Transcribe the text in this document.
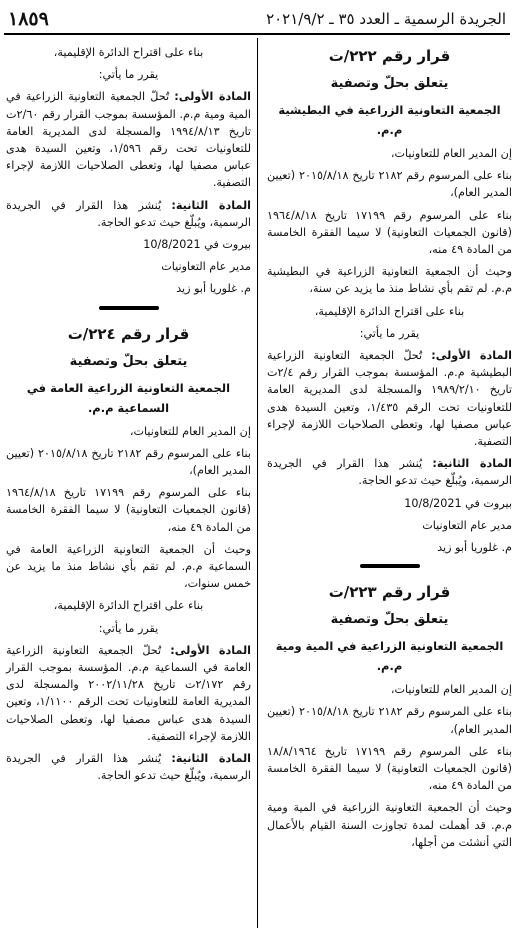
١٨٥٩	الجريدة الرسمية ـ العدد ٣٥ ـ ٢٠٢١/٩/٢

قرار رقم ٢٢٢/ت

يتعلق بحلّ وتصفية

الجمعية التعاونية الزراعية في البطيشية م.م.

إن المدير العام للتعاونيات،

بناء على المرسوم رقم ٢١٨٢ تاريخ ٢٠١٥/٨/١٨ (تعيين المدير العام)،

بناء على المرسوم رقم ١٧١٩٩ تاريخ ١٩٦٤/٨/١٨ (قانون الجمعيات التعاونية) لا سيما الفقرة الخامسة من المادة ٤٩ منه،

وحيث أن الجمعية التعاونية الزراعية في البطيشية م.م. لم تقم بأي نشاط منذ ما يزيد عن سنة،

بناء على اقتراح الدائرة الإقليمية،

يقرر ما يأتي:

المادة الأولى: تُحلّ الجمعية التعاونية الزراعية البطيشية م.م. المؤسسة بموجب القرار رقم ٢/٤ت تاريخ ١٩٨٩/٢/١٠ والمسجلة لدى المديرية العامة للتعاونيات تحت الرقم ١/٤٣٥، وتعين السيدة هدى عباس مصفيا لها، وتعطى الصلاحيات اللازمة لإجراء التصفية.

المادة الثانية: يُنشر هذا القرار في الجريدة الرسمية، ويُبلّغ حيث تدعو الحاجة.

بيروت في 10/8/2021

مدير عام التعاونيات

م. غلوريا أبو زيد

قرار رقم ٢٢٣/ت

يتعلق بحلّ وتصفية

الجمعية التعاونية الزراعية في المية ومية م.م.

إن المدير العام للتعاونيات،

بناء على المرسوم رقم ٢١٨٢ تاريخ ٢٠١٥/٨/١٨ (تعيين المدير العام)،

بناء على المرسوم رقم ١٧١٩٩ تاريخ ١٨/٨/١٩٦٤ (قانون الجمعيات التعاونية) لا سيما الفقرة الخامسة من المادة ٤٩ منه،

وحيث أن الجمعية التعاونية الزراعية في المية ومية م.م. قد أهملت لمدة تجاوزت السنة القيام بالأعمال التي أنشئت من أجلها،

بناء على اقتراح الدائرة الإقليمية،

يقرر ما يأتي:

المادة الأولى: تُحلّ الجمعية التعاونية الزراعية في المية ومية م.م. المؤسسة بموجب القرار رقم ٢/٦٠ت تاريخ ١٩٩٤/٨/١٣ والمسجلة لدى المديرية العامة للتعاونيات تحت رقم ١/٥٩٦، وتعين السيدة هدى عباس مصفيا لها، وتعطى الصلاحيات اللازمة لإجراء التصفية.

المادة الثانية: يُنشر هذا القرار في الجريدة الرسمية، ويُبلّغ حيث تدعو الحاجة.

بيروت في 10/8/2021

مدير عام التعاونيات

م. غلوريا أبو زيد

قرار رقم ٢٢٤/ت

يتعلق بحلّ وتصفية

الجمعية التعاونية الزراعية العامة في السماعية م.م.

إن المدير العام للتعاونيات،

بناء على المرسوم رقم ٢١٨٢ تاريخ ٢٠١٥/٨/١٨ (تعيين المدير العام)،

بناء على المرسوم رقم ١٧١٩٩ تاريخ ١٩٦٤/٨/١٨ (قانون الجمعيات التعاونية) لا سيما الفقرة الخامسة من المادة ٤٩ منه،

وحيث أن الجمعية التعاونية الزراعية العامة في السماعية م.م. لم تقم بأي نشاط منذ ما يزيد عن خمس سنوات،

بناء على اقتراح الدائرة الإقليمية،

يقرر ما يأتي:

المادة الأولى: تُحلّ الجمعية التعاونية الزراعية العامة في السماعية م.م. المؤسسة بموجب القرار رقم ٢/١٧٢ت تاريخ ٢٠٠٢/١١/٢٨ والمسجلة لدى المديرية العامة للتعاونيات تحت الرقم ١/١١٠٠، وتعين السيدة هدى عباس مصفيا لها، وتعطى الصلاحيات اللازمة لإجراء التصفية.

المادة الثانية: يُنشر هذا القرار في الجريدة الرسمية، ويُبلّغ حيث تدعو الحاجة.
